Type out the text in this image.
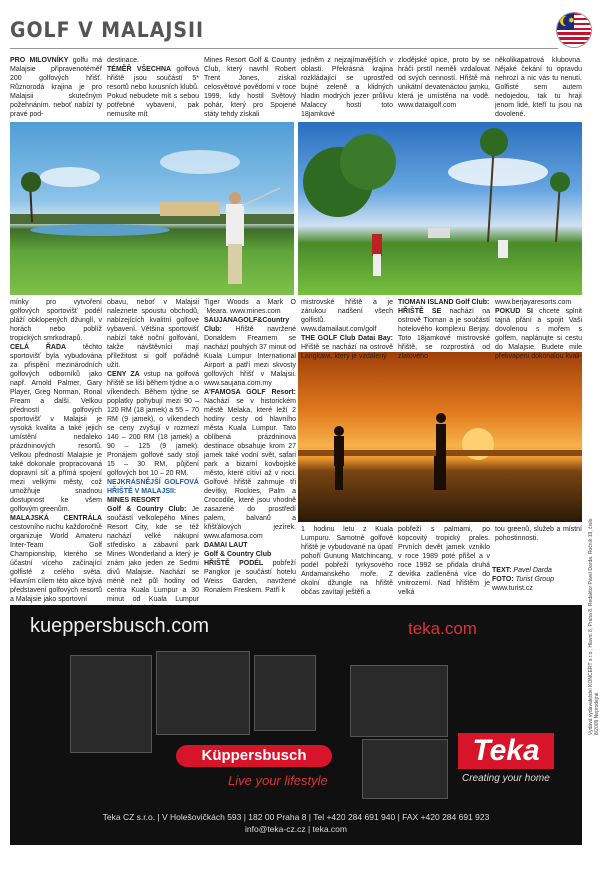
GOLF V MALAJSII	✸
PRO MILOVNÍKY golfu má Malajsie připravenotéměř 200 golfových hřišť. Různorodá krajina je pro Malajsii skutečným požehnáním. neboť nabízí ty pravé pod-
destinace.
TÉMĚŘ VŠECHNA golfová hřiště jsou součástí 5* resortů nebo luxusních klubů. Pokud nebudete mít s sebou potřebné vybavení, pak nemusíte mít
Mines Resort Golf & Country Club, který navrhl Robert Trent Jones, získal celosvětové povědomí v roce 1999, kdy hostil Světový pohár, který pro Spojené státy tehdy získali
jedněm z nejzajímavějších v oblasti. Překrásná krajina rozkládající se uprostřed bujné zeleně a klidných hladin modrých jezer průlivu Malaccy hostí toto 18jamkové
zlodějské opice, proto by se hráči prstíl neměli vzdalovat od svých cenností. Hřiště má unikátní devatenáctou jamku, která je umístěna na vodě. www.dataigolf.com
několikapatrová klubovna. Nějaké čekání tu opravdu nehrozí a nic vás tu nenutí. Golfisté sem autem nedojedou, tak tu hrají jenom lidé, kteří tu jsou na dovolené.
mínky pro vytvoření golfových sportovišť podél pláží obklopených džunglí, v horách nebo poblíž tropických smrkodrapů.
CELÁ ŘADA těchto sportovišť byla vybudována za přispění mezinárodních golfových odborníků jako např. Arnold Palmer, Gary Player, Greg Norman, Ronal Fream a další. Velkou předností golfových sportovišť v Malajsii je vysoká kvalita a také jejich umístění nedaleko prázdninových resortů. Velkou předností Malajsie je také dokonale propracovaná dopravní síť a přímá spojení mezi velkými městy, což umožňuje snadnou dostupnost ke všem golfovým greenům.
MALAJSKÁ CENTRÁLA cestovního ruchu každoročně organizuje World Amateru Inter-Team Golf Championship, kterého se účastní víceho začínající golfisté z celého světa. Hlavním cílem této akce bývá představení golfových resortů a Malajsie jako sportovní
obavu, neboť v Malajsii naleznete spoustu obchodů, nabízejících kvalitní golfové vybavení. Většina sportovišť nabízí také noční golfování, takže návštěvníci mají příležitost si golf pořádně užít.
CENY ZA vstup na golfová hřiště se liší během týdne a o víkendech. Během týdne se poplatky pohybují mezi 90 – 120 RM (18 jamek) a 55 – 70 RM (9 jamek), o víkendech se ceny zvyšují v rozmezí 140 – 200 RM (18 jamek) a 90 – 125 (9 jamek). Pronájem golfové sady stojí 15 – 30 RM, půjčení golfových bot 10 – 20 RM.
NEJKRÁSNĚJŠÍ GOLFOVÁ HŘIŠTĚ V MALAJSII:
MINES RESORT
Golf & Country Club: Je součástí velkolepého Mines Resort City, kde se též nachází velké nákupní středisko a zábavní park Mines Wonderland a který je znám jako jeden ze Sedmi divů Malajsie. Nachází se méně než půl hodiny od centra Kuala Lumpur a 30 minut od Kuala Lumpur
Tiger Woods a Mark O´Meara. www.mines.com
SAUJANAGOLF&Country Club: Hřiště navržené Donaldem Freamem se nachází pouhých 37 minut od Kuala Lumpur International Airport a patří mezi skvosty golfových hřišť v Malajsii. www.saujana.com.my
A'FAMOSA GOLF Resort: Nachází se v historickém městě Melaka, které leží 2 hodiny cesty od hlavního města Kuala Lumpur. Tato oblíbená prázdninová destinace obsahuje krom 27 jamek také vodní svět, safari park a bizarní kovbojské město, které cítíví až v noci. Golfové hřiště zahrnuje tři devítky, Rockies, Palm a Crocodile, které jsou vhodně zasazené do prostředí palem, balvanů a křišťálových jezírek. www.afamosa.com
DAMAI LAUT
Golf & Country Club
HŘIŠTĚ PODÉL pobřeží Pangkor je součástí hotelu Weiss Garden, navržené Ronalem Freskem. Patří k
mistrovské hřiště a je zárukou nadšení všech golfistů. www.damailaut.com/golf
THE GOLF Club Datai Bay: Hřiště se nachází na ostrově Langkawi, který je vzdálený
TIOMAN ISLAND Golf Club:
HŘIŠTĚ SE nachází na ostrově Tioman a je součástí hotelového komplexu Berjay. Toto 18jamkové mistrovské hřiště, se rozprostírá od zlatového
www.berjayaresorts.com
POKUD SI chcete splnit tajná přání a spojit Vaši dovolenou s mořem s golfem, naplánujte si cestu do Malajsie. Budete mile překvapeni dokonalou kvali-
1 hodinu letu z Kuala Lumpuru. Samotné golfové hřiště je vybudované na úpatí pohoří Gunung Matchincang, podél pobřeží tyrkysového Andamanského moře. Z okolní džungle na hřiště občas zavítají ještěři a
pobřeží s palmami, po kopcovitý tropický prales. Prvních devět jamek vzniklo v roce 1989 poté přišel a v roce 1992 se přidala druhá devítka začleněná více do vnitrozemí. Nad hřištěm je velká
tou greenů, služeb a místní pohostinnosti.
TEXT: Pavel Darda
FOTO: Turist Group
www.turist.cz	Vydává vydavatelství KONCERT s.r.o., Hlavní 8, Praha 8. Redaktor Pavel Darda. Ročník 19, číslo 8/2009 Neprodejné
kueppersbusch.com	teka.com
Küppersbusch
Live your lifestyle
Teka
Creating your home
Teka CZ s.r.o. | V Holešovičkách 593 | 182 00 Praha 8 | Tel +420 284 691 940 | FAX +420 284 691 923
info@teka-cz.cz | teka.com
